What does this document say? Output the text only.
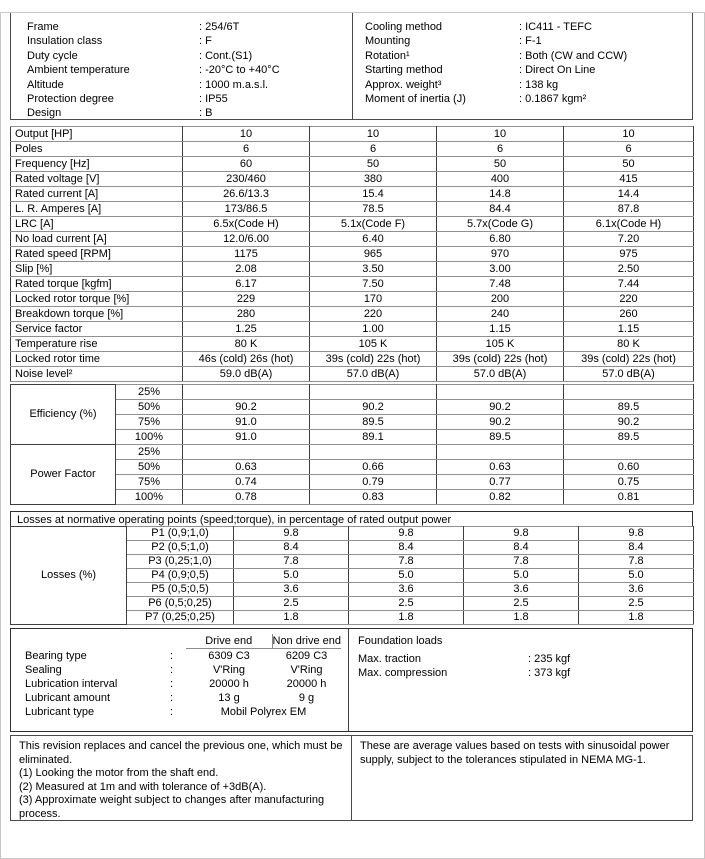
Frame	: 254/6T
Insulation class	: F
Duty cycle	: Cont.(S1)
Ambient temperature	: -20°C to +40°C
Altitude	: 1000 m.a.s.l.
Protection degree	: IP55
Design	: B
Cooling method	: IC411 - TEFC
Mounting	: F-1
Rotation¹	: Both (CW and CCW)
Starting method	: Direct On Line
Approx. weight³	: 138 kg
Moment of inertia (J)	: 0.1867 kgm²
Output [HP]	10	10	10	10
Poles	6	6	6	6
Frequency [Hz]	60	50	50	50
Rated voltage [V]	230/460	380	400	415
Rated current [A]	26.6/13.3	15.4	14.8	14.4
L. R. Amperes [A]	173/86.5	78.5	84.4	87.8
LRC [A]	6.5x(Code H)	5.1x(Code F)	5.7x(Code G)	6.1x(Code H)
No load current [A]	12.0/6.00	6.40	6.80	7.20
Rated speed [RPM]	1175	965	970	975
Slip [%]	2.08	3.50	3.00	2.50
Rated torque [kgfm]	6.17	7.50	7.48	7.44
Locked rotor torque [%]	229	170	200	220
Breakdown torque [%]	280	220	240	260
Service factor	1.25	1.00	1.15	1.15
Temperature rise	80 K	105 K	105 K	80 K
Locked rotor time	46s (cold) 26s (hot)	39s (cold) 22s (hot)	39s (cold) 22s (hot)	39s (cold) 22s (hot)
Noise level²	59.0 dB(A)	57.0 dB(A)	57.0 dB(A)	57.0 dB(A)
Efficiency (%)	25%				
	50%	90.2	90.2	90.2	89.5
	75%	91.0	89.5	90.2	90.2
	100%	91.0	89.1	89.5	89.5
Power Factor	25%				
	50%	0.63	0.66	0.63	0.60
	75%	0.74	0.79	0.77	0.75
	100%	0.78	0.83	0.82	0.81
Losses at normative operating points (speed;torque), in percentage of rated output power
Losses (%)	P1 (0,9;1,0)	9.8	9.8	9.8	9.8
	P2 (0,5;1,0)	8.4	8.4	8.4	8.4
	P3 (0,25;1,0)	7.8	7.8	7.8	7.8
	P4 (0,9;0,5)	5.0	5.0	5.0	5.0
	P5 (0,5;0,5)	3.6	3.6	3.6	3.6
	P6 (0,5;0,25)	2.5	2.5	2.5	2.5
	P7 (0,25;0,25)	1.8	1.8	1.8	1.8
		Drive end	Non drive end
Bearing type	:	6309 C3	6209 C3
Sealing	:	V'Ring	V'Ring
Lubrication interval	:	20000 h	20000 h
Lubricant amount	:	13 g	9 g
Lubricant type	:	Mobil Polyrex EM	
Foundation loads
Max. traction	: 235 kgf
Max. compression	: 373 kgf
This revision replaces and cancel the previous one, which must be eliminated.
(1) Looking the motor from the shaft end.
(2) Measured at 1m and with tolerance of +3dB(A).
(3) Approximate weight subject to changes after manufacturing process.
These are average values based on tests with sinusoidal power supply, subject to the tolerances stipulated in NEMA MG-1.
